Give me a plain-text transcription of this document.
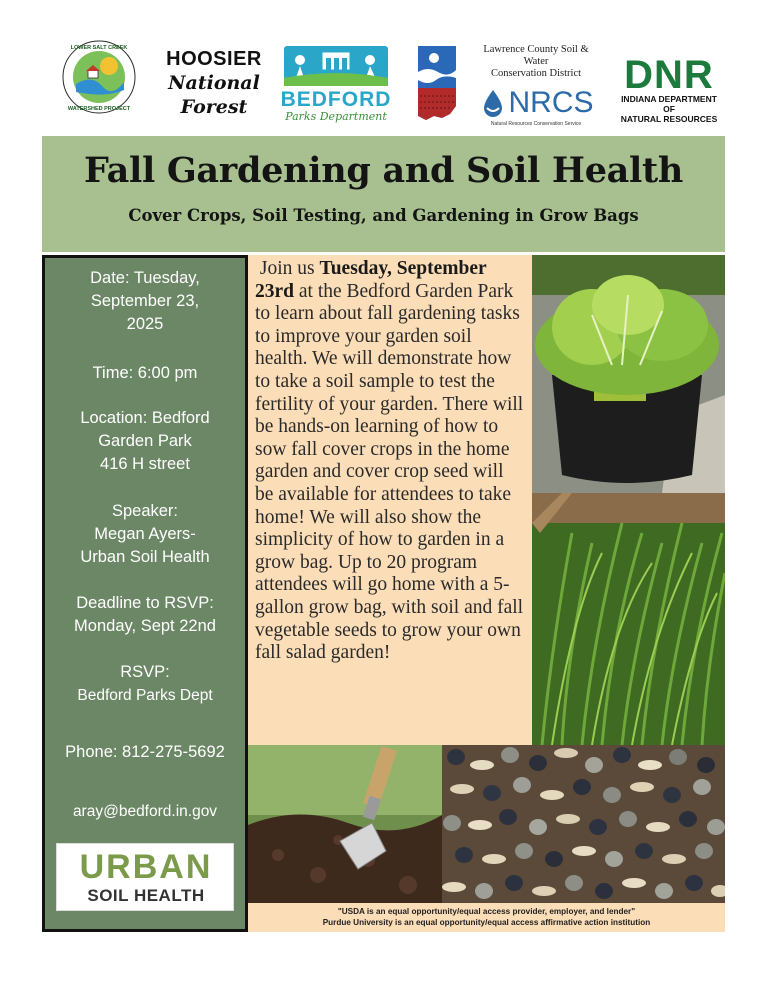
LOWER SALT CREEK
WATERSHED PROJECT
HOOSIER
National
Forest	BEDFORD
Parks Department
Lawrence County Soil & Water
Conservation District
NRCS
Natural Resources Conservation Service
DNR
INDIANA DEPARTMENT OF
NATURAL RESOURCES
Fall Gardening and Soil Health
Cover Crops, Soil Testing, and Gardening in Grow Bags
Date: Tuesday,
September 23,
2025
Time: 6:00 pm
Location: Bedford
Garden Park
416 H street
Speaker:
Megan Ayers-
Urban Soil Health
Deadline to RSVP:
Monday, Sept 22nd
RSVP:
Bedford Parks Dept
Phone: 812-275-5692
aray@bedford.in.gov
URBAN
SOIL HEALTH

Join us Tuesday, September 23rd at the Bedford Garden Park to learn about fall gardening tasks to improve your garden soil health. We will demonstrate how to take a soil sample to test the fertility of your garden. There will be hands-on learning of how to sow fall cover crops in the home garden and cover crop seed will be available for attendees to take home! We will also show the simplicity of how to garden in a grow bag. Up to 20 program attendees will go home with a 5-gallon grow bag, with soil and fall vegetable seeds to grow your own fall salad garden!

"USDA is an equal opportunity/equal access provider, employer, and lender"
Purdue University is an equal opportunity/equal access affirmative action institution
